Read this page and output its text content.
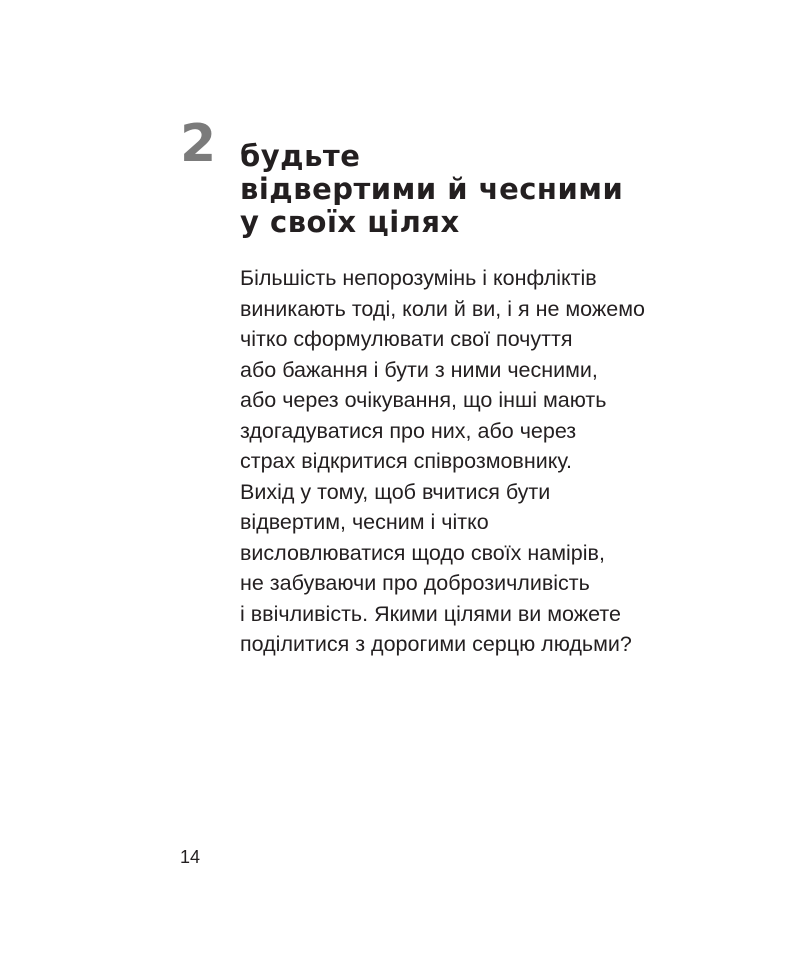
2 будьте
відвертими й чесними
у своїх цілях
Більшість непорозумінь і конфліктів
виникають тоді, коли й ви, і я не можемо
чітко сформулювати свої почуття
або бажання і бути з ними чесними,
або через очікування, що інші мають
здогадуватися про них, або через
страх відкритися співрозмовнику.
Вихід у тому, щоб вчитися бути
відвертим, чесним і чітко
висловлюватися щодо своїх намірів,
не забуваючи про доброзичливість
і ввічливість. Якими цілями ви можете
поділитися з дорогими серцю людьми?
14
